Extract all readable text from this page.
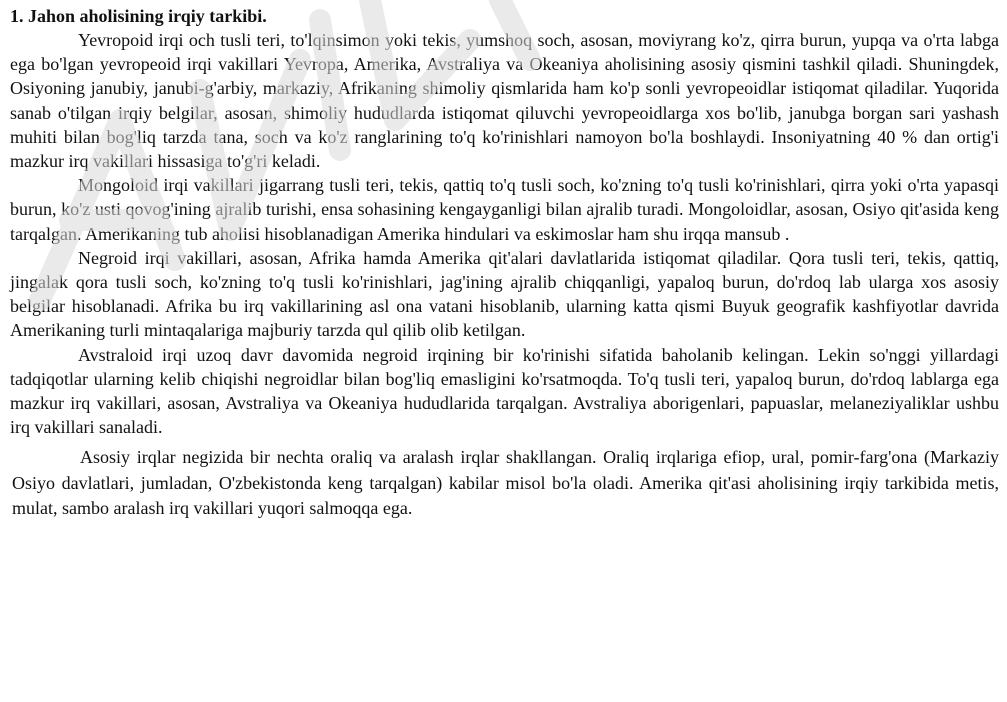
1. Jahon aholisining irqiy tarkibi.

Yevropoid irqi och tusli teri, to'lqinsimon yoki tekis, yumshoq soch, asosan, moviyrang ko'z, qirra burun, yupqa va o'rta labga ega bo'lgan yevropeoid irqi vakillari Yevropa, Amerika, Avstraliya va Okeaniya aholisining asosiy qismini tashkil qiladi. Shuningdek, Osiyoning janubiy, janubi-g'arbiy, markaziy, Afrikaning shimoliy qismlarida ham ko'p sonli yevropeoidlar istiqomat qiladilar. Yuqorida sanab o'tilgan irqiy belgilar, asosan, shimoliy hududlarda istiqomat qiluvchi yevropeoidlarga xos bo'lib, janubga borgan sari yashash muhiti bilan bog'liq tarzda tana, soch va ko'z ranglarining to'q ko'rinishlari namoyon bo'la boshlaydi. Insoniyatning 40 % dan ortig'i mazkur irq vakillari hissasiga to'g'ri keladi.

Mongoloid irqi vakillari jigarrang tusli teri, tekis, qattiq to'q tusli soch, ko'zning to'q tusli ko'rinishlari, qirra yoki o'rta yapasqi burun, ko'z usti qovog'ining ajralib turishi, ensa sohasining kengayganligi bilan ajralib turadi. Mongoloidlar, asosan, Osiyo qit'asida keng tarqalgan. Amerikaning tub aholisi hisoblanadigan Amerika hindulari va eskimoslar ham shu irqqa mansub .

Negroid irqi vakillari, asosan, Afrika hamda Amerika qit'alari davlatlarida istiqomat qiladilar. Qora tusli teri, tekis, qattiq, jingalak qora tusli soch, ko'zning to'q tusli ko'rinishlari, jag'ining ajralib chiqqanligi, yapaloq burun, do'rdoq lab ularga xos asosiy belgilar hisoblanadi. Afrika bu irq vakillarining asl ona vatani hisoblanib, ularning katta qismi Buyuk geografik kashfiyotlar davrida Amerikaning turli mintaqalariga majburiy tarzda qul qilib olib ketilgan.

Avstraloid irqi uzoq davr davomida negroid irqining bir ko'rinishi sifatida baholanib kelingan. Lekin so'nggi yillardagi tadqiqotlar ularning kelib chiqishi negroidlar bilan bog'liq emasligini ko'rsatmoqda. To'q tusli teri, yapaloq burun, do'rdoq lablarga ega mazkur irq vakillari, asosan, Avstraliya va Okeaniya hududlarida tarqalgan. Avstraliya aborigenlari, papuaslar, melaneziyaliklar ushbu irq vakillari sanaladi.

Asosiy irqlar negizida bir nechta oraliq va aralash irqlar shakllangan. Oraliq irqlariga efiop, ural, pomir-farg'ona (Markaziy Osiyo davlatlari, jumladan, O'zbekistonda keng tarqalgan) kabilar misol bo'la oladi. Amerika qit'asi aholisining irqiy tarkibida metis, mulat, sambo aralash irq vakillari yuqori salmoqqa ega.
